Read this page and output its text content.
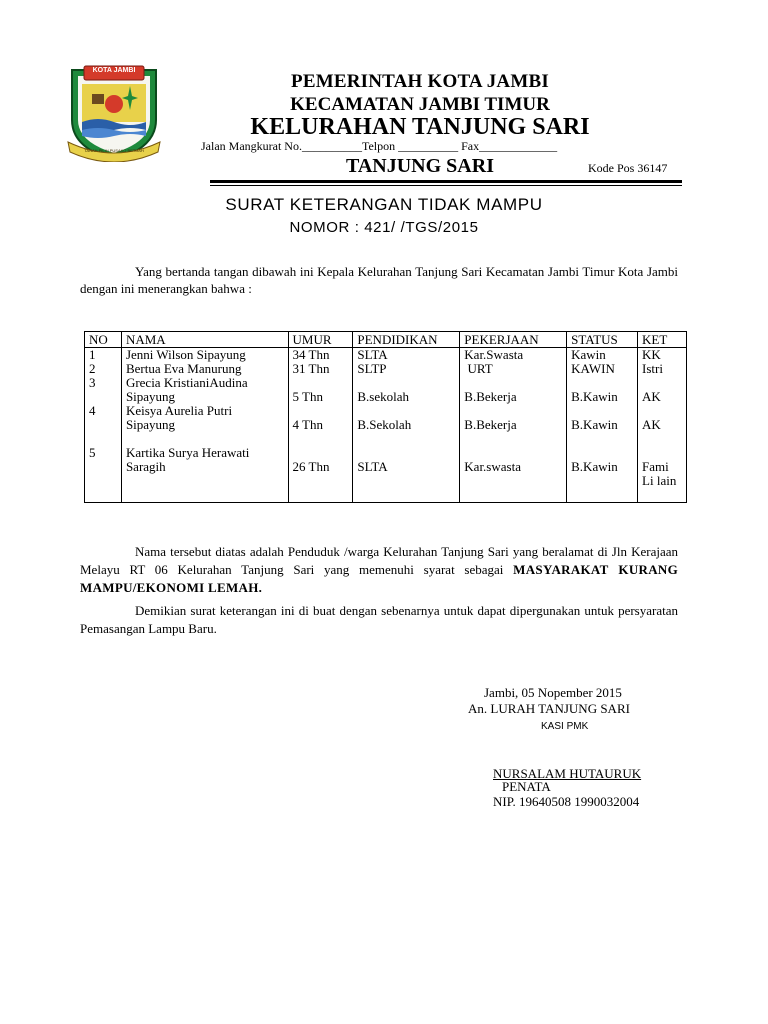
KOTA JAMBI
TANAH PILIH PUSAKO BETUAH
PEMERINTAH KOTA JAMBI
KECAMATAN JAMBI TIMUR
KELURAHAN TANJUNG SARI
Jalan Mangkurat No.__________Telpon __________ Fax_____________
TANJUNG SARI	Kode Pos 36147
SURAT KETERANGAN TIDAK MAMPU
NOMOR : 421/ /TGS/2015
Yang bertanda tangan dibawah ini Kepala Kelurahan Tanjung Sari Kecamatan Jambi Timur Kota Jambi dengan ini menerangkan bahwa :
NO	NAMA	UMUR	PENDIDIKAN	PEKERJAAN	STATUS	KET
1	Jenni Wilson Sipayung	34 Thn	SLTA	Kar.Swasta	Kawin	KK
2	Bertua Eva Manurung	31 Thn	SLTP	URT	KAWIN	Istri
3	Grecia KristianiAudina Sipayung	5 Thn	B.sekolah	B.Bekerja	B.Kawin	AK
4	Keisya Aurelia Putri Sipayung	4 Thn	B.Sekolah	B.Bekerja	B.Kawin	AK
5	Kartika Surya Herawati Saragih	26 Thn	SLTA	Kar.swasta	B.Kawin	Fami Li lain
Nama tersebut diatas adalah Penduduk /warga Kelurahan Tanjung Sari yang beralamat di Jln Kerajaan Melayu RT 06 Kelurahan Tanjung Sari yang memenuhi syarat sebagai MASYARAKAT KURANG MAMPU/EKONOMI LEMAH.
Demikian surat keterangan ini di buat dengan sebenarnya untuk dapat dipergunakan untuk persyaratan Pemasangan Lampu Baru.
Jambi, 05 Nopember 2015
An. LURAH TANJUNG SARI
KASI PMK
NURSALAM HUTAURUK
PENATA
NIP. 19640508 1990032004
